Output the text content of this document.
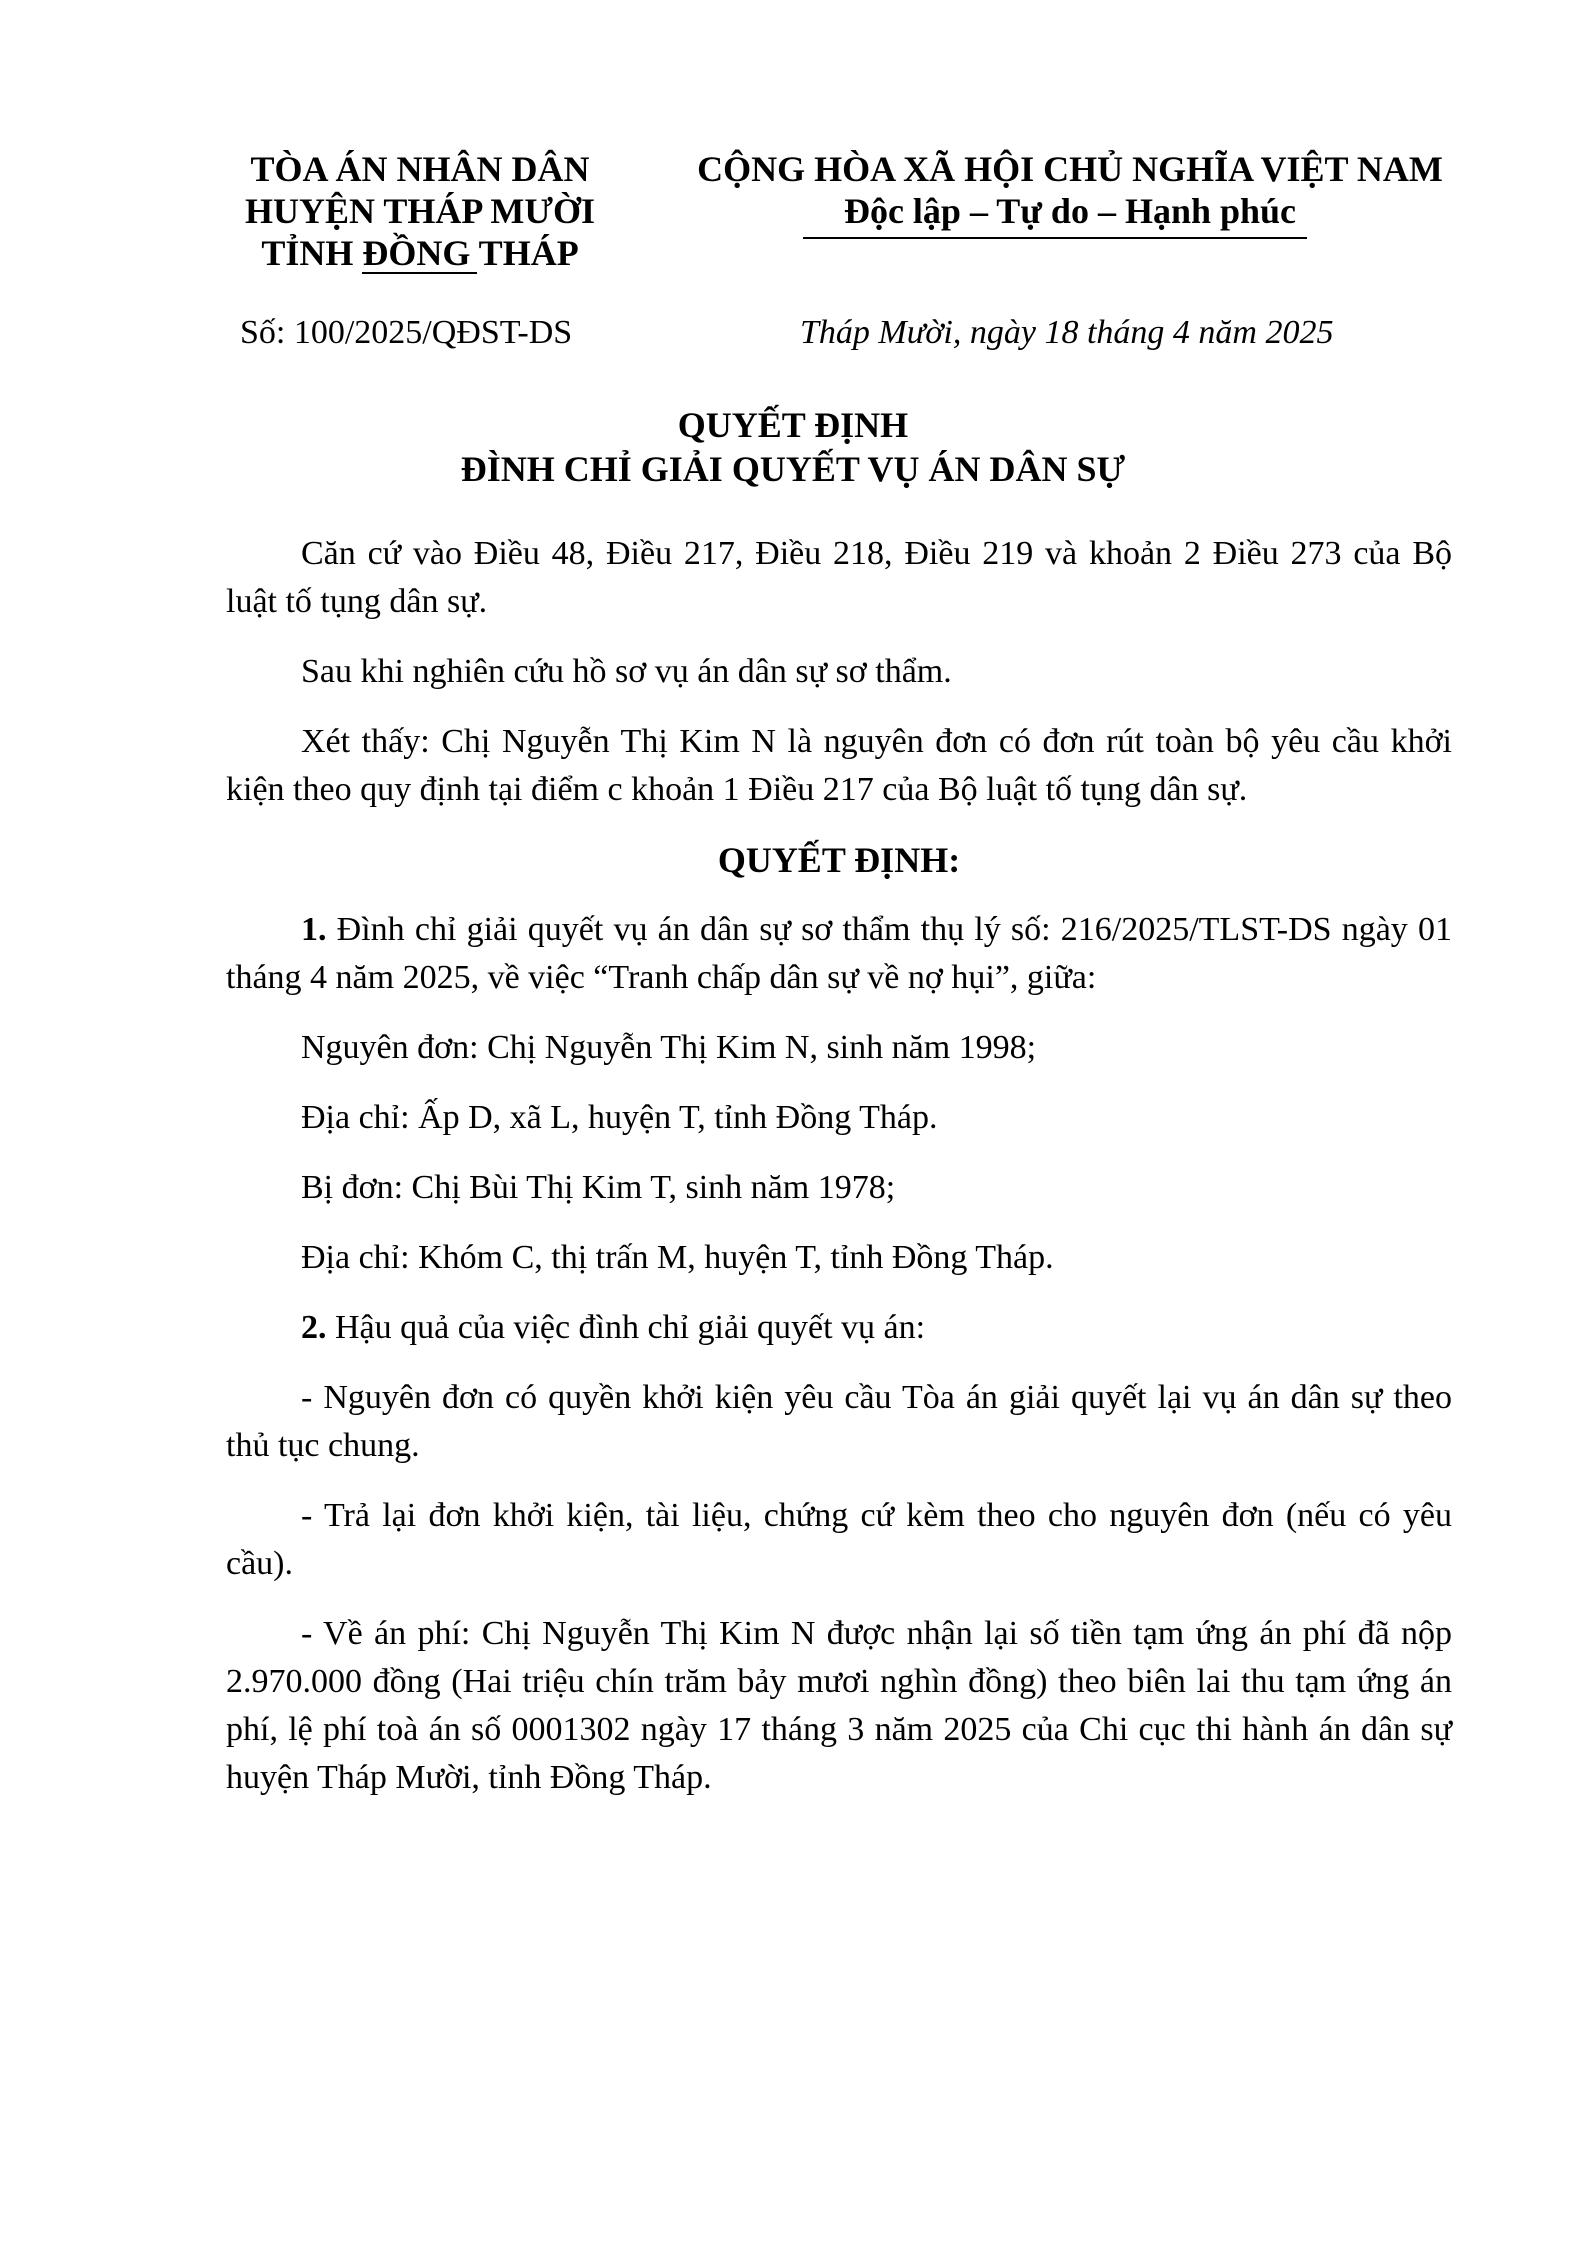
TÒA ÁN NHÂN DÂN
HUYỆN THÁP MƯỜI
TỈNH ĐỒNG THÁP
CỘNG HÒA XÃ HỘI CHỦ NGHĨA VIỆT NAM
Độc lập – Tự do – Hạnh phúc
Số: 100/2025/QĐST-DS	Tháp Mười, ngày 18 tháng 4 năm 2025
QUYẾT ĐỊNH
ĐÌNH CHỈ GIẢI QUYẾT VỤ ÁN DÂN SỰ

Căn cứ vào Điều 48, Điều 217, Điều 218, Điều 219 và khoản 2 Điều 273 của Bộ luật tố tụng dân sự.

Sau khi nghiên cứu hồ sơ vụ án dân sự sơ thẩm.

Xét thấy: Chị Nguyễn Thị Kim N là nguyên đơn có đơn rút toàn bộ yêu cầu khởi kiện theo quy định tại điểm c khoản 1 Điều 217 của Bộ luật tố tụng dân sự.

QUYẾT ĐỊNH:

1. Đình chỉ giải quyết vụ án dân sự sơ thẩm thụ lý số: 216/2025/TLST-DS ngày 01 tháng 4 năm 2025, về việc “Tranh chấp dân sự về nợ hụi”, giữa:

Nguyên đơn: Chị Nguyễn Thị Kim N, sinh năm 1998;

Địa chỉ: Ấp D, xã L, huyện T, tỉnh Đồng Tháp.

Bị đơn: Chị Bùi Thị Kim T, sinh năm 1978;

Địa chỉ: Khóm C, thị trấn M, huyện T, tỉnh Đồng Tháp.

2. Hậu quả của việc đình chỉ giải quyết vụ án:

- Nguyên đơn có quyền khởi kiện yêu cầu Tòa án giải quyết lại vụ án dân sự theo thủ tục chung.

- Trả lại đơn khởi kiện, tài liệu, chứng cứ kèm theo cho nguyên đơn (nếu có yêu cầu).

- Về án phí: Chị Nguyễn Thị Kim N được nhận lại số tiền tạm ứng án phí đã nộp 2.970.000 đồng (Hai triệu chín trăm bảy mươi nghìn đồng) theo biên lai thu tạm ứng án phí, lệ phí toà án số 0001302 ngày 17 tháng 3 năm 2025 của Chi cục thi hành án dân sự huyện Tháp Mười, tỉnh Đồng Tháp.
